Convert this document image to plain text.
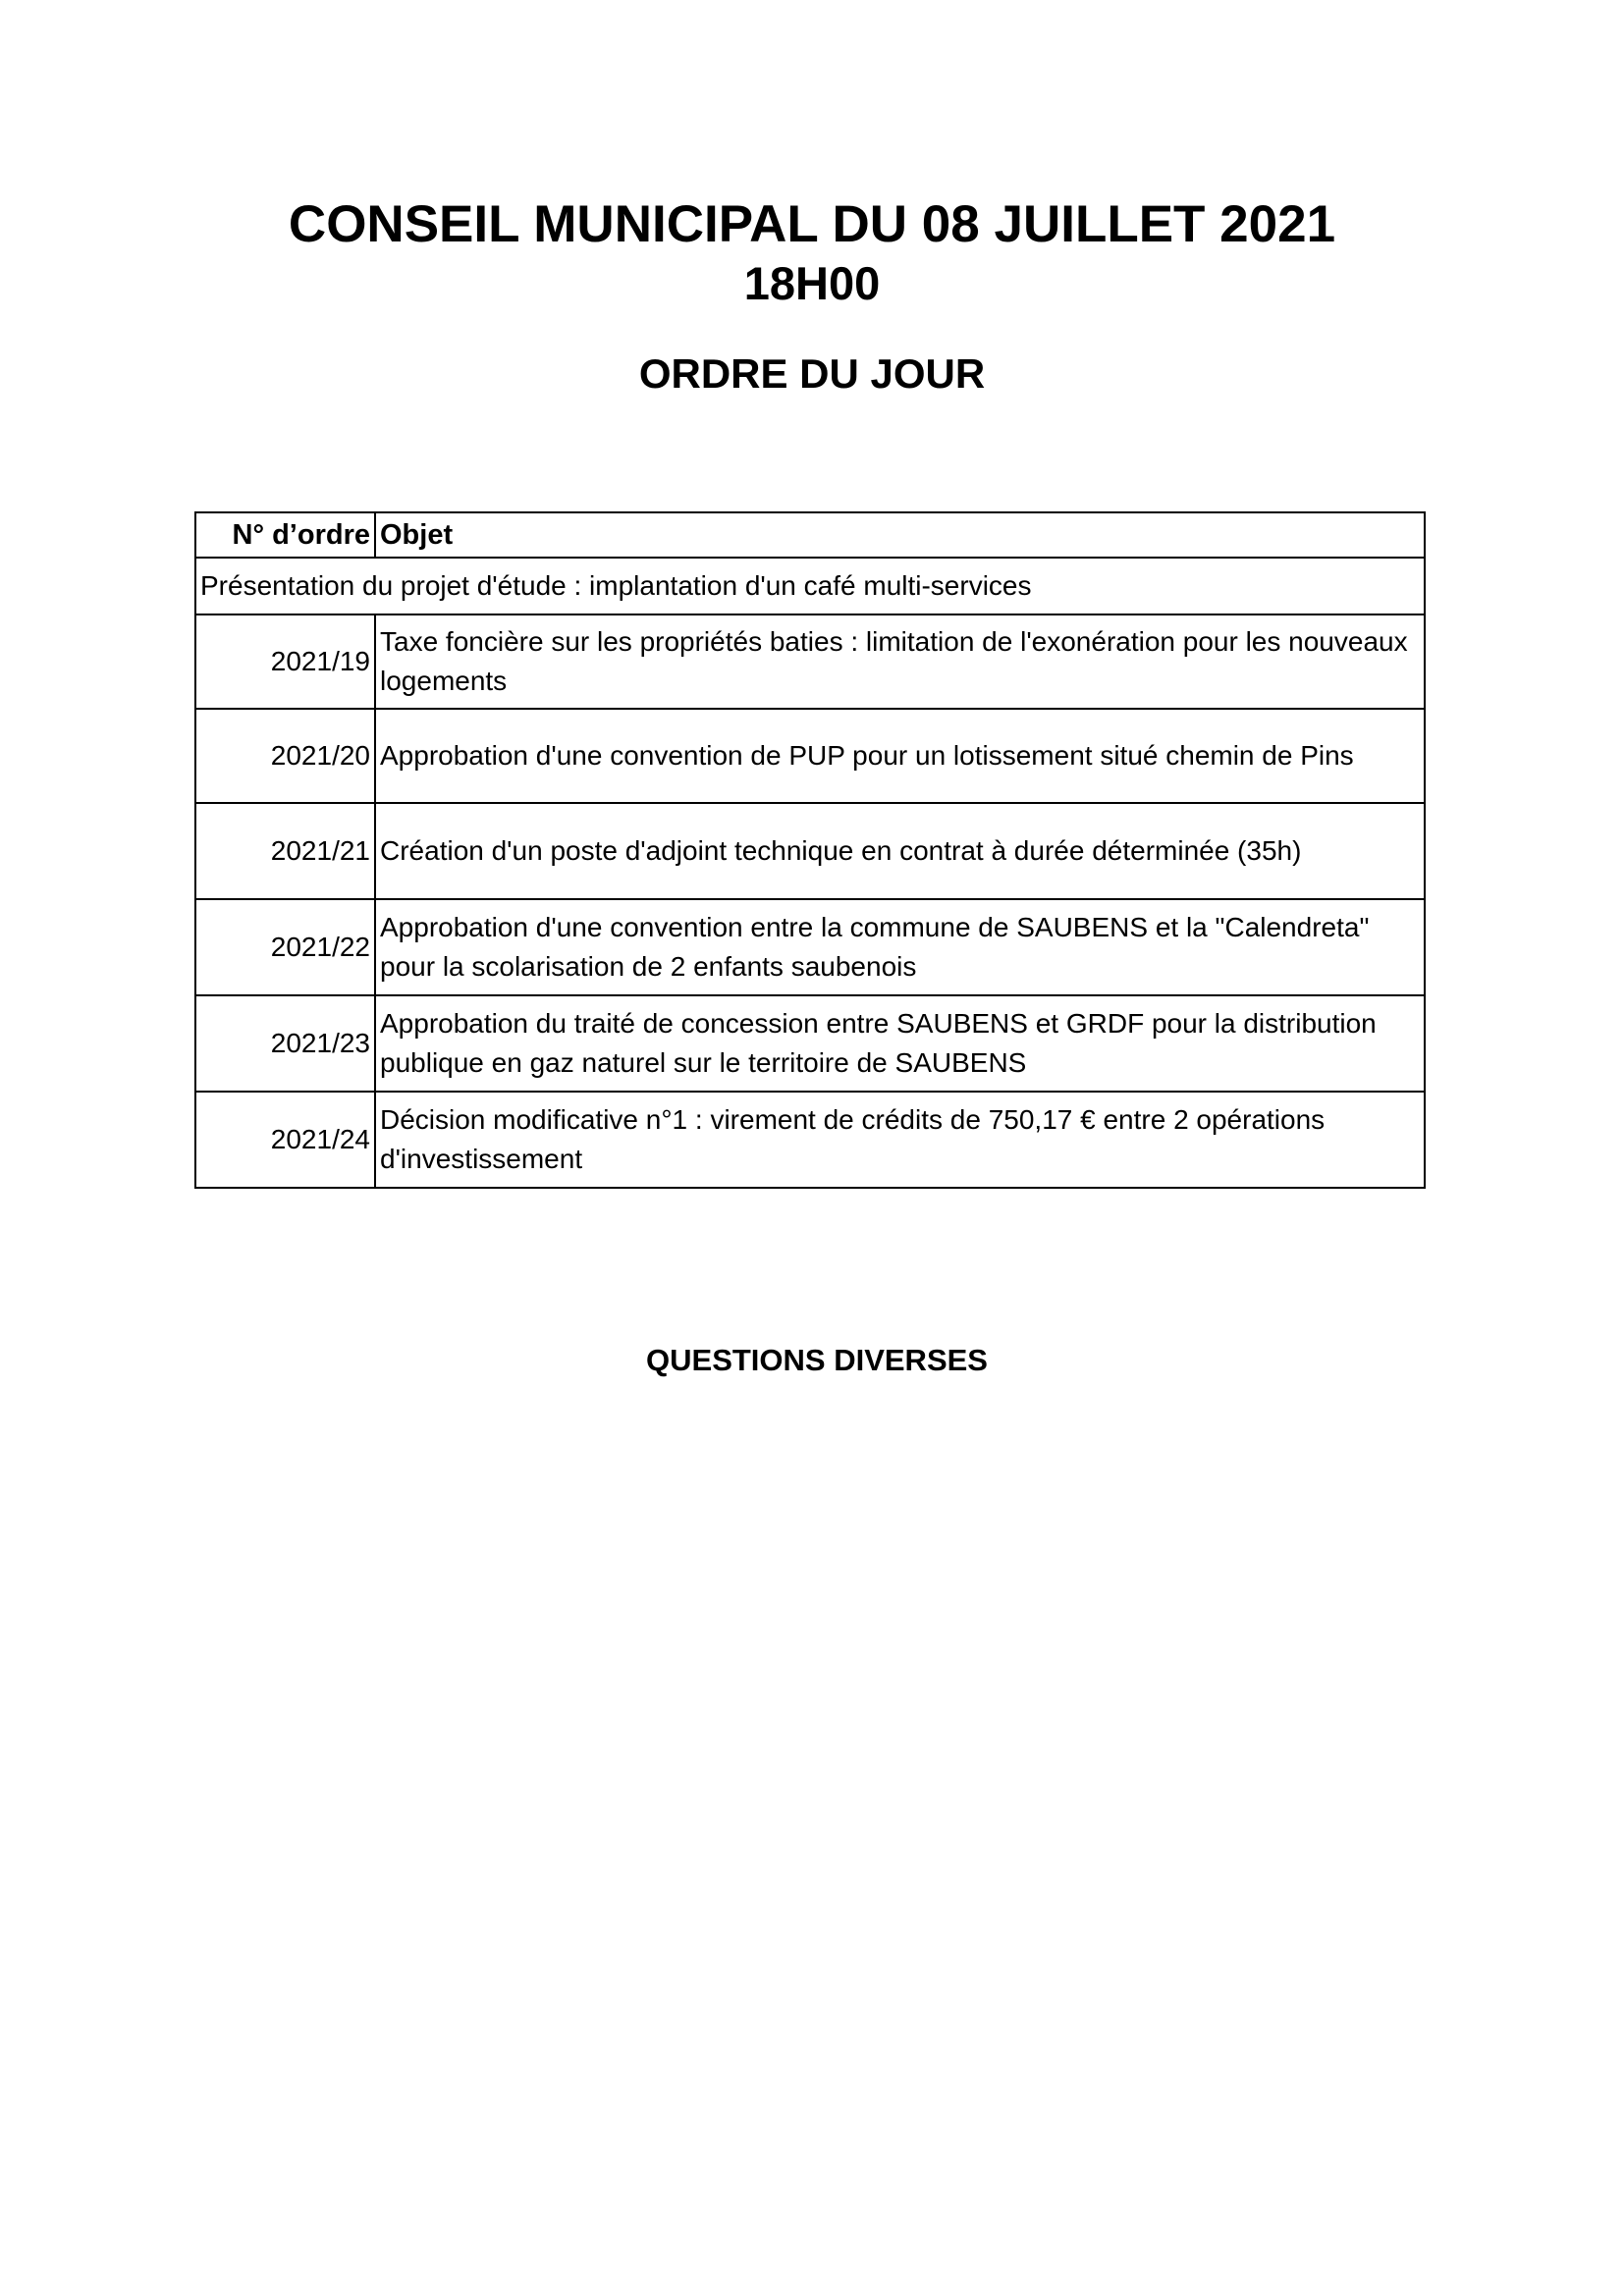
CONSEIL MUNICIPAL DU 08 JUILLET 2021
18H00
ORDRE DU JOUR
N° d’ordre	Objet
Présentation du projet d'étude : implantation d'un café multi-services	
2021/19	Taxe foncière sur les propriétés baties : limitation de l'exonération pour les nouveaux logements
2021/20	Approbation d'une convention de PUP pour un lotissement situé chemin de Pins
2021/21	Création d'un poste d'adjoint technique en contrat à durée déterminée (35h)
2021/22	Approbation d'une convention entre la commune de SAUBENS et la "Calendreta" pour la scolarisation de 2 enfants saubenois
2021/23	Approbation du traité de concession entre SAUBENS et GRDF pour la distribution publique en gaz naturel sur le territoire de SAUBENS
2021/24	Décision modificative n°1 : virement de crédits de 750,17 € entre 2 opérations d'investissement
QUESTIONS DIVERSES
